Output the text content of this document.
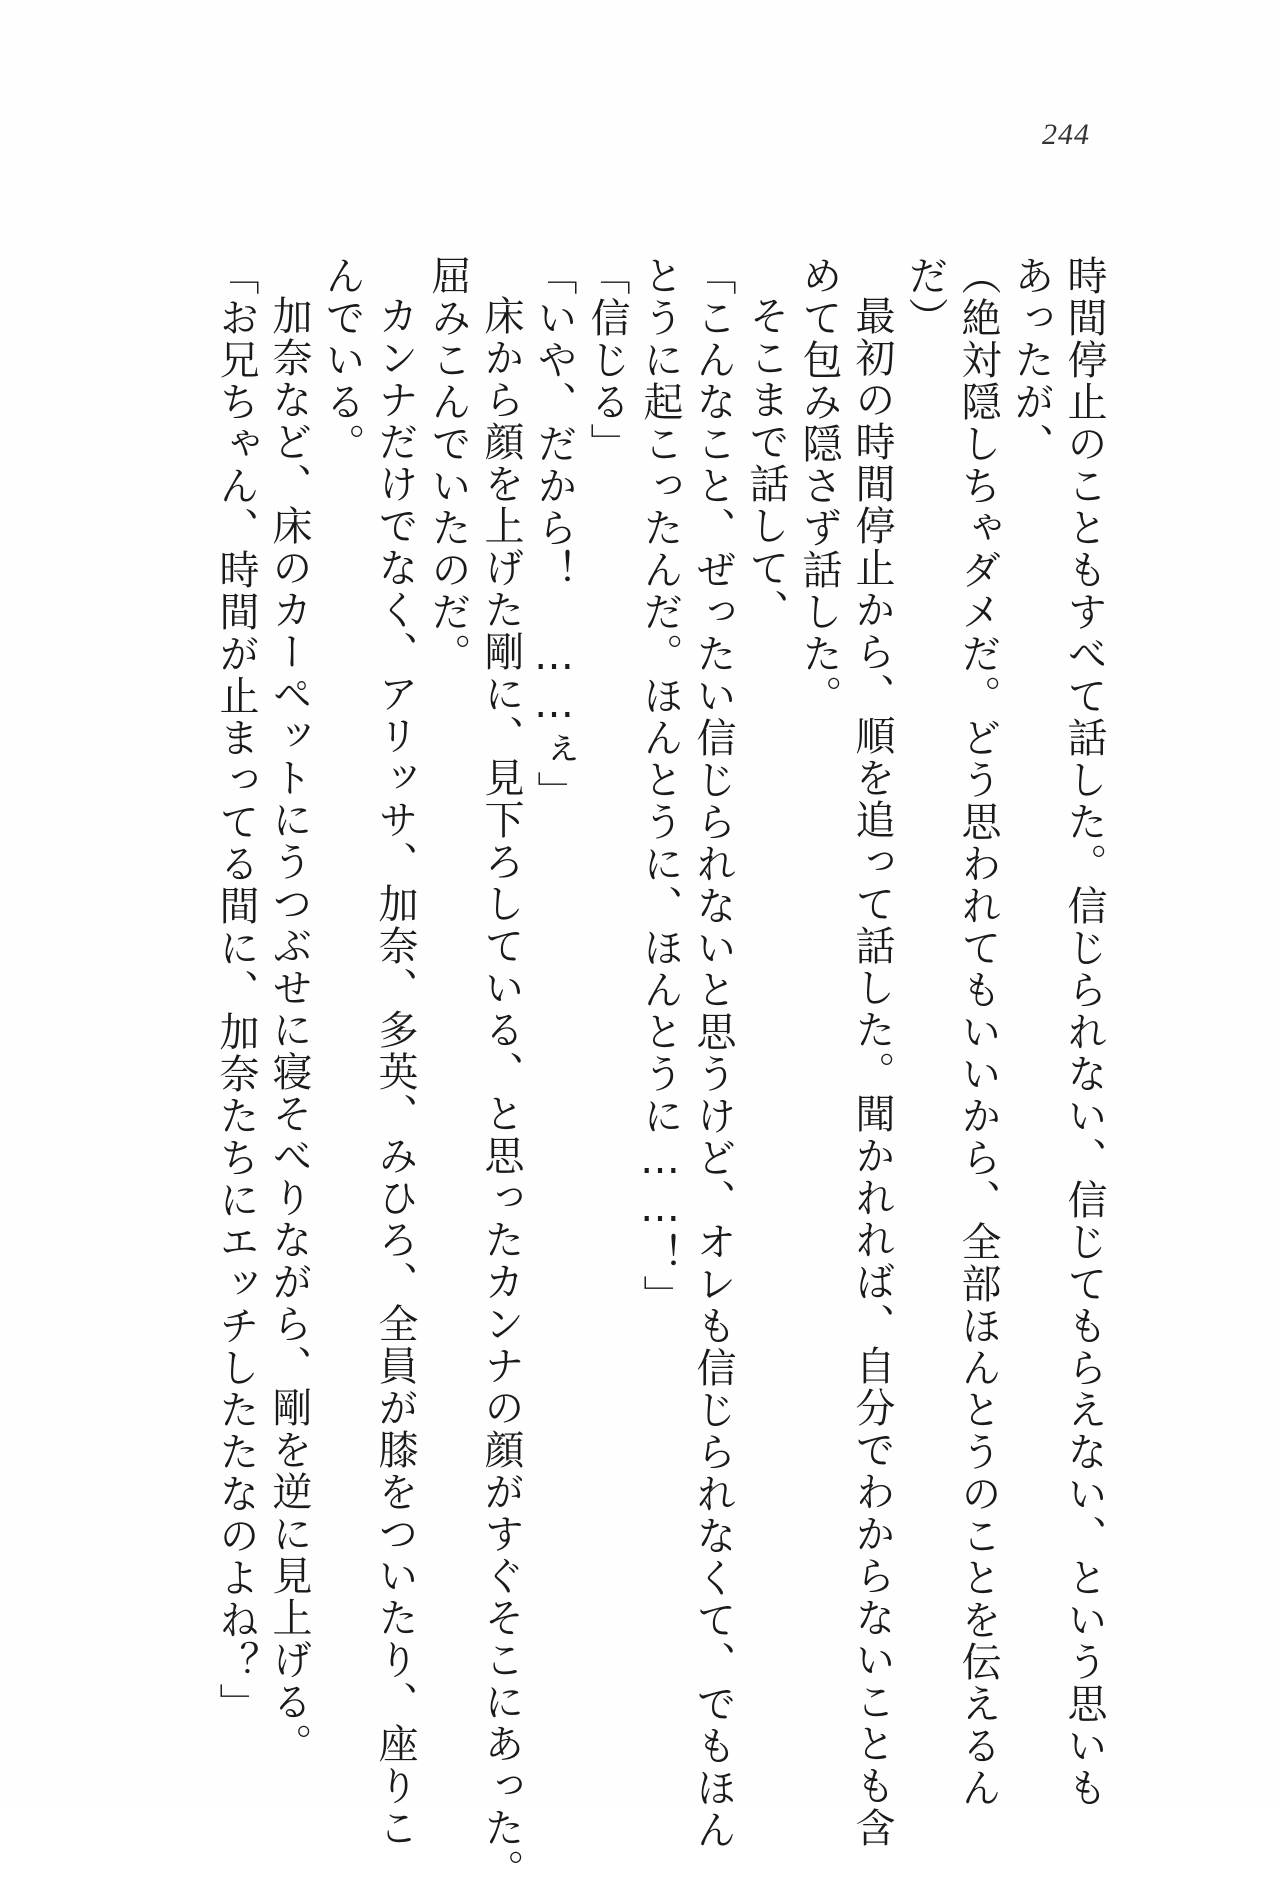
244
時間停止のこともすべて話した。信じられない、信じてもらえない、という思いも
あったが、
（絶対隠しちゃダメだ。どう思われてもいいから、全部ほんとうのことを伝えるん
だ）
最初の時間停止から、順を追って話した。聞かれれば、自分でわからないことも含
めて包み隠さず話した。
そこまで話して、
「こんなこと、ぜったい信じられないと思うけど、オレも信じられなくて、でもほん
とうに起こったんだ。ほんとうに、ほんとうに……！」
「信じる」
「いや、だから！　……ぇ」
床から顔を上げた剛に、見下ろしている、と思ったカンナの顔がすぐそこにあった。
屈みこんでいたのだ。
カンナだけでなく、アリッサ、加奈、多英、みひろ、全員が膝をついたり、座りこ
んでいる。
加奈など、床のカーペットにうつぶせに寝そべりながら、剛を逆に見上げる。
「お兄ちゃん、時間が止まってる間に、加奈たちにエッチしたたなのよね？」
